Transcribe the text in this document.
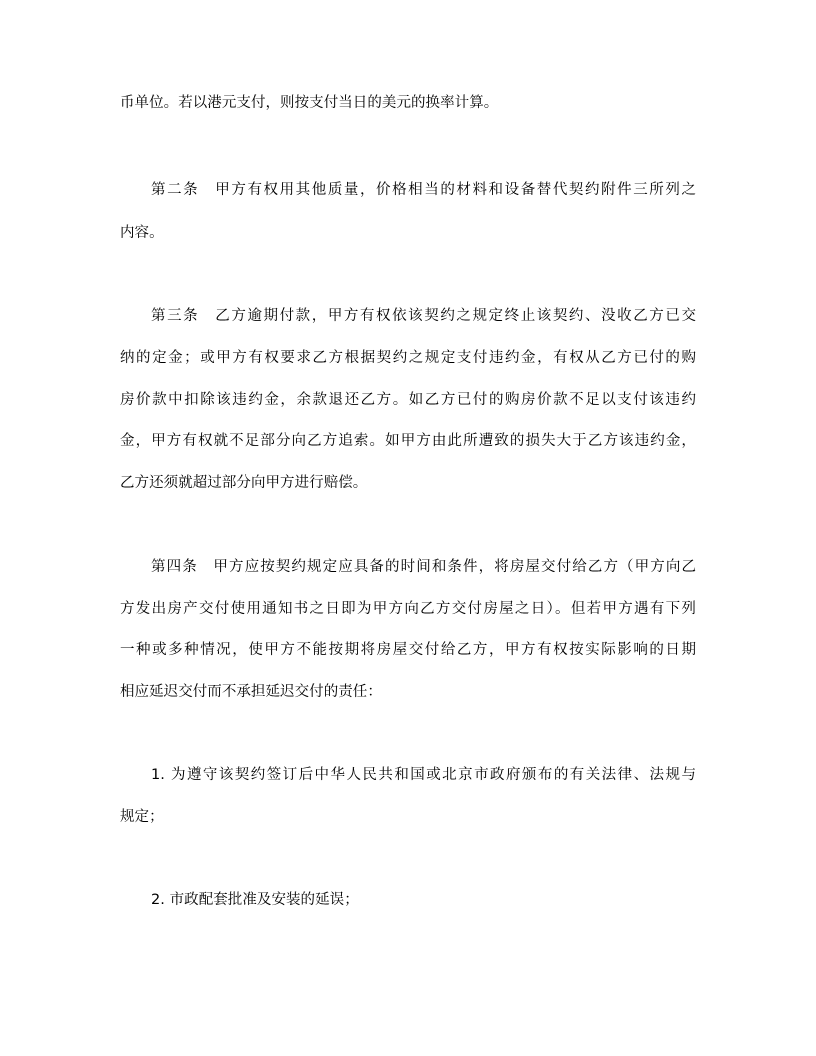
币单位。若以港元支付，则按支付当日的美元的换率计算。
第二条　甲方有权用其他质量，价格相当的材料和设备替代契约附件三所列之
内容。
第三条　乙方逾期付款，甲方有权依该契约之规定终止该契约、没收乙方已交
纳的定金；或甲方有权要求乙方根据契约之规定支付违约金，有权从乙方已付的购
房价款中扣除该违约金，余款退还乙方。如乙方已付的购房价款不足以支付该违约
金，甲方有权就不足部分向乙方追索。如甲方由此所遭致的损失大于乙方该违约金，
乙方还须就超过部分向甲方进行赔偿。
第四条　甲方应按契约规定应具备的时间和条件，将房屋交付给乙方（甲方向乙
方发出房产交付使用通知书之日即为甲方向乙方交付房屋之日）。但若甲方遇有下列
一种或多种情况，使甲方不能按期将房屋交付给乙方，甲方有权按实际影响的日期
相应延迟交付而不承担延迟交付的责任：
1. 为遵守该契约签订后中华人民共和国或北京市政府颁布的有关法律、法规与
规定；
2. 市政配套批准及安装的延误；
